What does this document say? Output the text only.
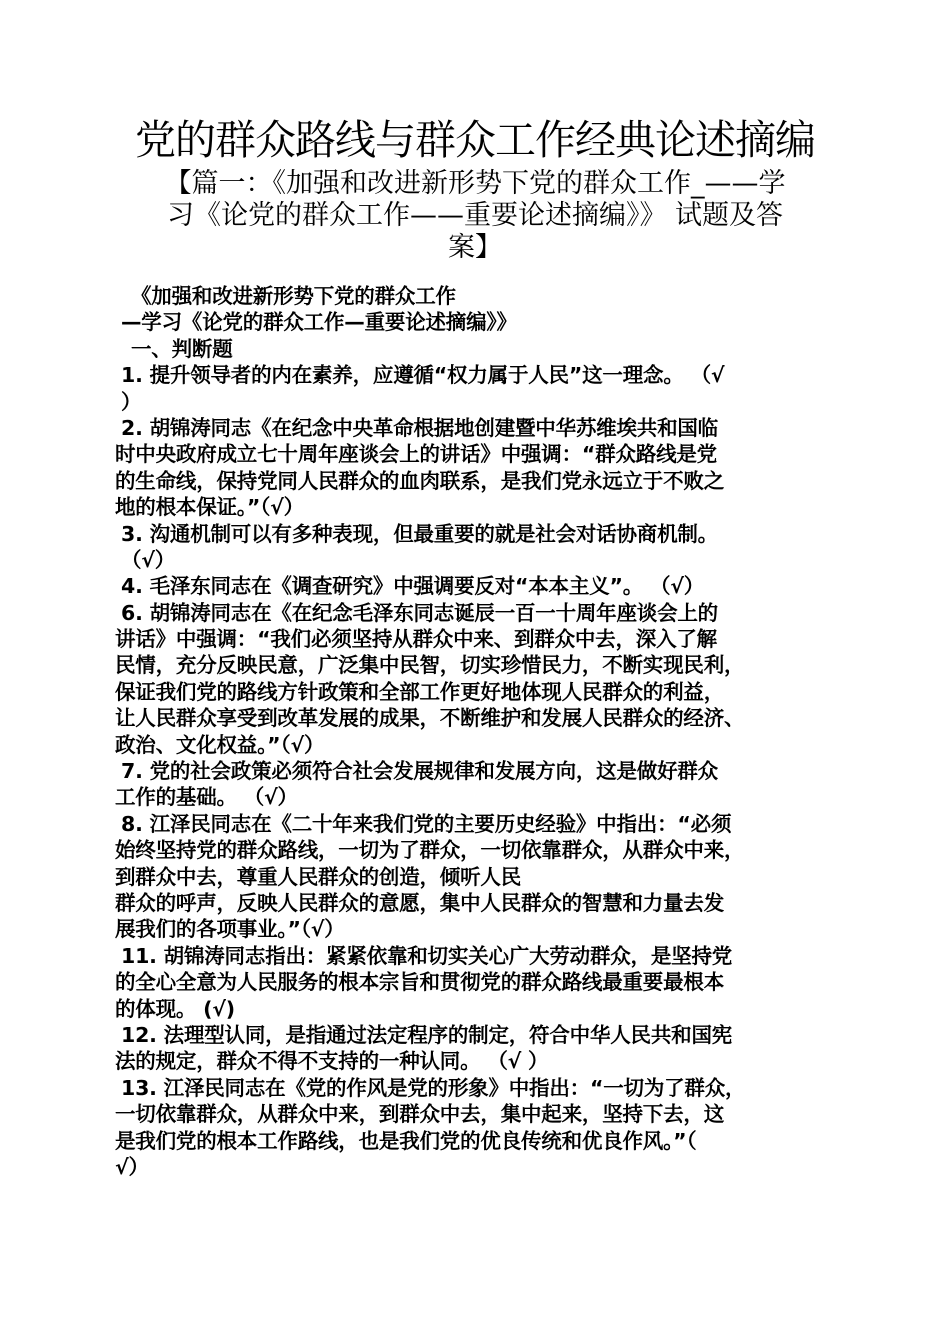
党的群众路线与群众工作经典论述摘编
【篇一：《加强和改进新形势下党的群众工作_——学
习《论党的群众工作——重要论述摘编》》 试题及答
案】
《加强和改进新形势下党的群众工作
—学习《论党的群众工作—重要论述摘编》》
一、判断题
1. 提升领导者的内在素养，应遵循“权力属于人民”这一理念。 （√
）
2. 胡锦涛同志《在纪念中央革命根据地创建暨中华苏维埃共和国临
时中央政府成立七十周年座谈会上的讲话》中强调：“群众路线是党
的生命线，保持党同人民群众的血肉联系，是我们党永远立于不败之
地的根本保证。”（√）
3. 沟通机制可以有多种表现，但最重要的就是社会对话协商机制。
（√）
4. 毛泽东同志在《调查研究》中强调要反对“本本主义”。 （√）
6. 胡锦涛同志在《在纪念毛泽东同志诞辰一百一十周年座谈会上的
讲话》中强调：“我们必须坚持从群众中来、到群众中去，深入了解
民情，充分反映民意，广泛集中民智，切实珍惜民力，不断实现民利，
保证我们党的路线方针政策和全部工作更好地体现人民群众的利益，
让人民群众享受到改革发展的成果，不断维护和发展人民群众的经济、
政治、文化权益。”（√）
7. 党的社会政策必须符合社会发展规律和发展方向，这是做好群众
工作的基础。 （√）
8. 江泽民同志在《二十年来我们党的主要历史经验》中指出：“必须
始终坚持党的群众路线，一切为了群众，一切依靠群众，从群众中来，
到群众中去，尊重人民群众的创造，倾听人民
群众的呼声，反映人民群众的意愿，集中人民群众的智慧和力量去发
展我们的各项事业。”（√）
11. 胡锦涛同志指出：紧紧依靠和切实关心广大劳动群众，是坚持党
的全心全意为人民服务的根本宗旨和贯彻党的群众路线最重要最根本
的体现。 (√)
12. 法理型认同，是指通过法定程序的制定，符合中华人民共和国宪
法的规定，群众不得不支持的一种认同。 （√ ）
13. 江泽民同志在《党的作风是党的形象》中指出：“一切为了群众，
一切依靠群众，从群众中来，到群众中去，集中起来，坚持下去，这
是我们党的根本工作路线，也是我们党的优良传统和优良作风。”（
√）
